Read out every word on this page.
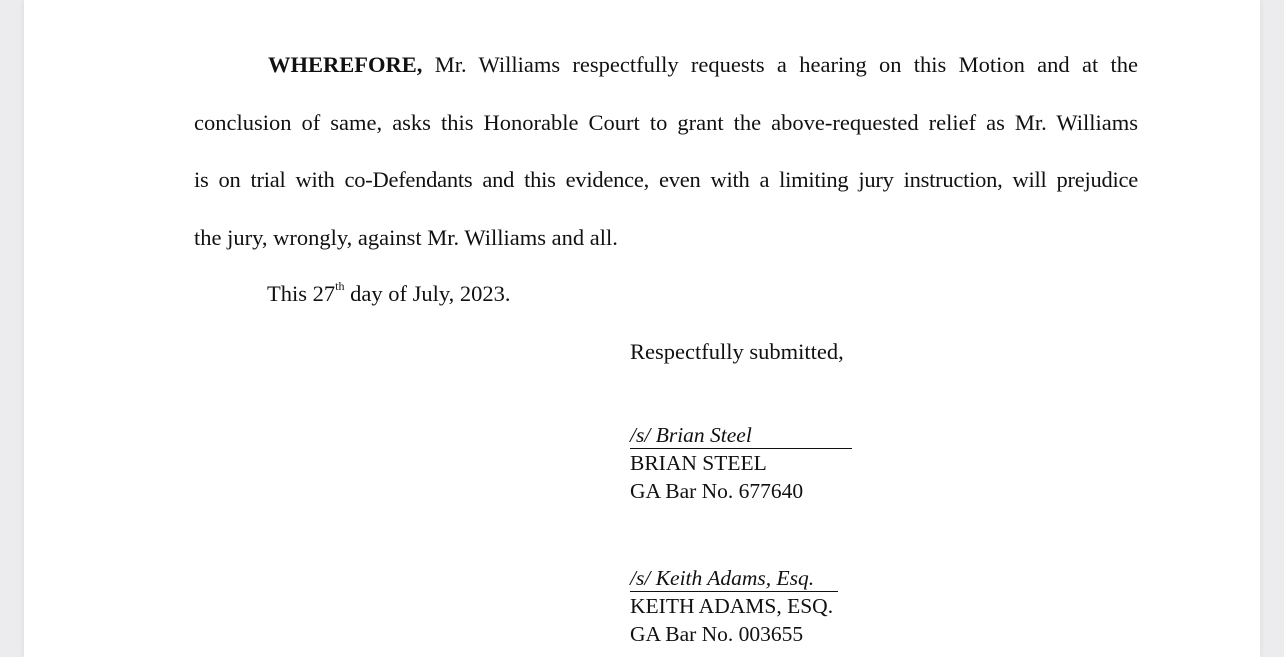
WHEREFORE, Mr. Williams respectfully requests a hearing on this Motion and at the
conclusion of same, asks this Honorable Court to grant the above-requested relief as Mr. Williams
is on trial with co-Defendants and this evidence, even with a limiting jury instruction, will prejudice
the jury, wrongly, against Mr. Williams and all.
This 27th day of July, 2023.
Respectfully submitted,
/s/ Brian Steel
BRIAN STEEL
GA Bar No. 677640
/s/ Keith Adams, Esq.
KEITH ADAMS, ESQ.
GA Bar No. 003655
